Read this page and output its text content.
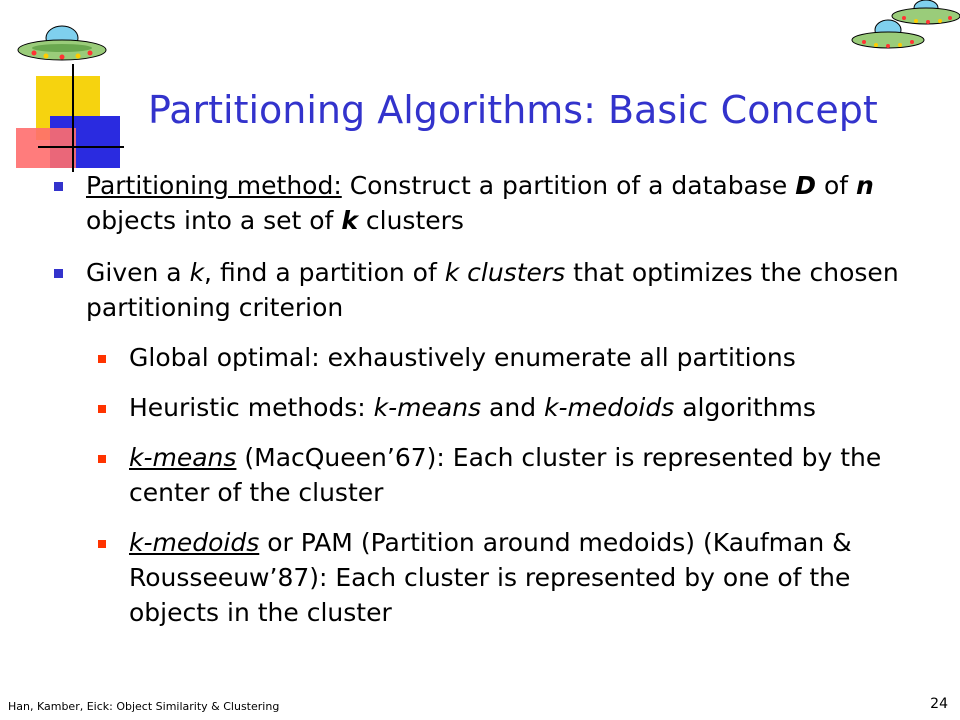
Partitioning Algorithms: Basic Concept

Partitioning method: Construct a partition of a database D of n objects into a set of k clusters

Given a k, find a partition of k clusters that optimizes the chosen partitioning criterion

Global optimal: exhaustively enumerate all partitions

Heuristic methods: k-means and k-medoids algorithms

k-means (MacQueen’67): Each cluster is represented by the center of the cluster

k-medoids or PAM (Partition around medoids) (Kaufman & Rousseeuw’87): Each cluster is represented by one of the objects in the cluster

Han, Kamber, Eick: Object Similarity & Clustering	24
